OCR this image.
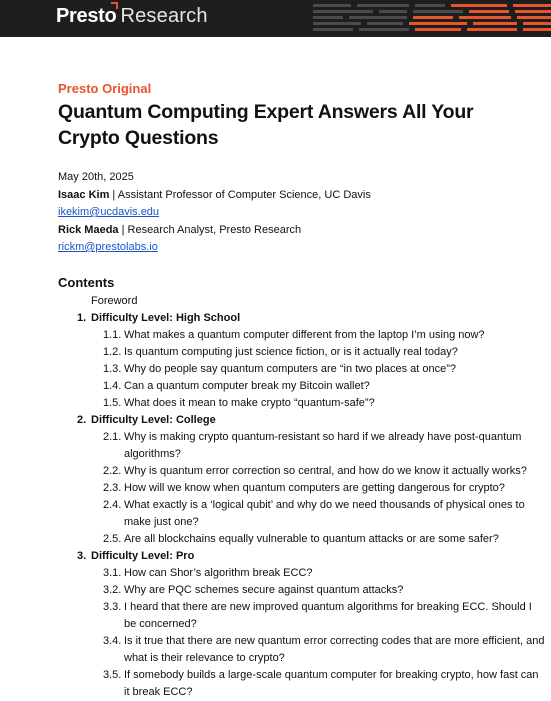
Presto Research
Presto Original
Quantum Computing Expert Answers All Your Crypto Questions
May 20th, 2025
Isaac Kim | Assistant Professor of Computer Science, UC Davis
ikekim@ucdavis.edu
Rick Maeda | Research Analyst, Presto Research
rickm@prestolabs.io
Contents
Foreword
1. Difficulty Level: High School
1.1. What makes a quantum computer different from the laptop I’m using now?
1.2. Is quantum computing just science fiction, or is it actually real today?
1.3. Why do people say quantum computers are “in two places at once”?
1.4. Can a quantum computer break my Bitcoin wallet?
1.5. What does it mean to make crypto “quantum-safe”?
2. Difficulty Level: College
2.1. Why is making crypto quantum-resistant so hard if we already have post-quantum algorithms?
2.2. Why is quantum error correction so central, and how do we know it actually works?
2.3. How will we know when quantum computers are getting dangerous for crypto?
2.4. What exactly is a ‘logical qubit’ and why do we need thousands of physical ones to make just one?
2.5. Are all blockchains equally vulnerable to quantum attacks or are some safer?
3. Difficulty Level: Pro
3.1. How can Shor’s algorithm break ECC?
3.2. Why are PQC schemes secure against quantum attacks?
3.3. I heard that there are new improved quantum algorithms for breaking ECC. Should I be concerned?
3.4. Is it true that there are new quantum error correcting codes that are more efficient, and what is their relevance to crypto?
3.5. If somebody builds a large-scale quantum computer for breaking crypto, how fast can it break ECC?
